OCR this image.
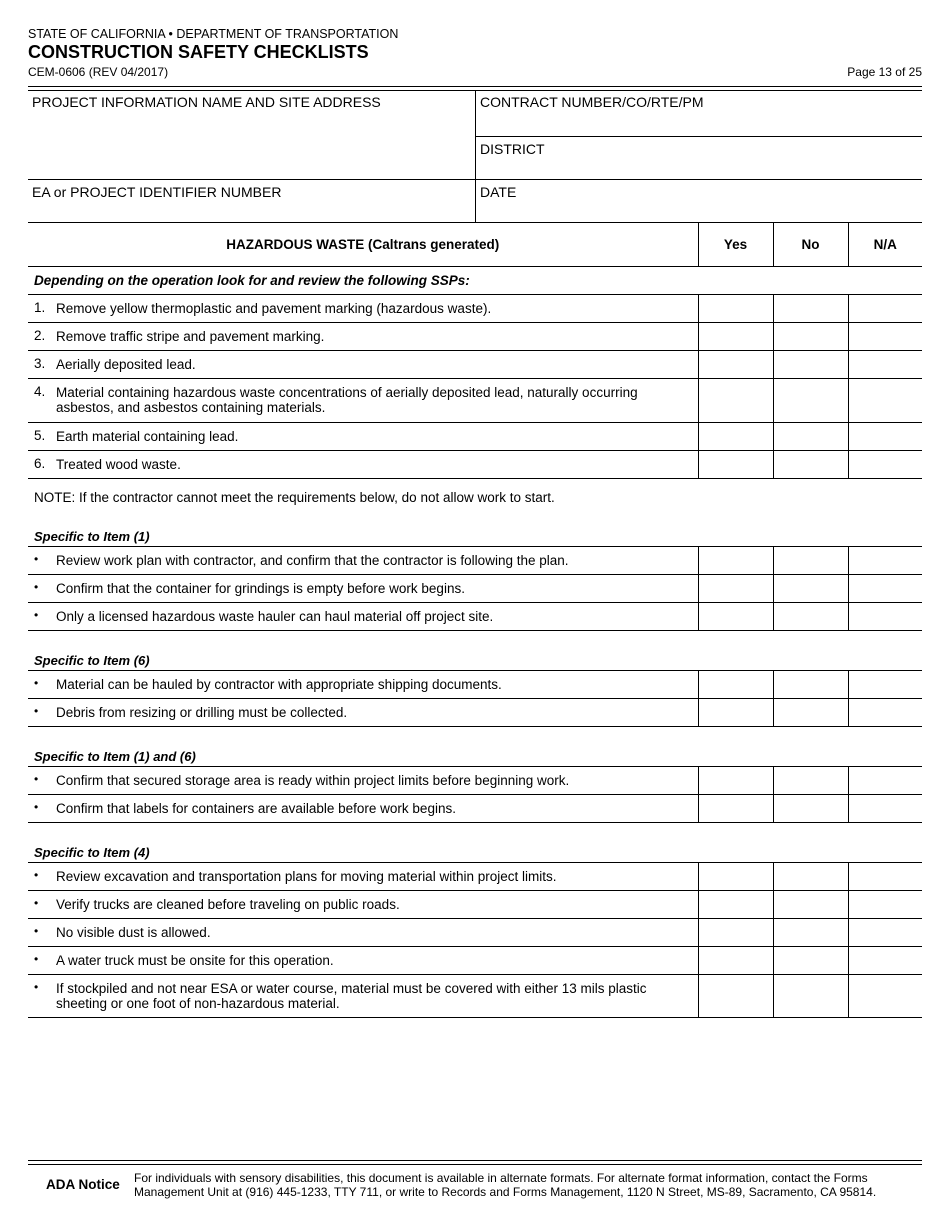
STATE OF CALIFORNIA • DEPARTMENT OF TRANSPORTATION
CONSTRUCTION SAFETY CHECKLISTS
CEM-0606 (REV 04/2017)	Page 13 of 25
PROJECT INFORMATION NAME AND SITE ADDRESS	CONTRACT NUMBER/CO/RTE/PM
DISTRICT
EA or PROJECT IDENTIFIER NUMBER	DATE
HAZARDOUS WASTE (Caltrans generated)		Yes	No	N/A
Depending on the operation look for and review the following SSPs:				
1.	Remove yellow thermoplastic and pavement marking (hazardous waste).			
2.	Remove traffic stripe and pavement marking.			
3.	Aerially deposited lead.			
4.	Material containing hazardous waste concentrations of aerially deposited lead, naturally occurring asbestos, and asbestos containing materials.			
5.	Earth material containing lead.			
6.	Treated wood waste.			
NOTE: If the contractor cannot meet the requirements below, do not allow work to start.
Specific to Item (1)
•	Review work plan with contractor, and confirm that the contractor is following the plan.			
•	Confirm that the container for grindings is empty before work begins.			
•	Only a licensed hazardous waste hauler can haul material off project site.			
Specific to Item (6)
•	Material can be hauled by contractor with appropriate shipping documents.			
•	Debris from resizing or drilling must be collected.			
Specific to Item (1) and (6)
•	Confirm that secured storage area is ready within project limits before beginning work.			
•	Confirm that labels for containers are available before work begins.			
Specific to Item (4)
•	Review excavation and transportation plans for moving material within project limits.			
•	Verify trucks are cleaned before traveling on public roads.			
•	No visible dust is allowed.			
•	A water truck must be onsite for this operation.			
•	If stockpiled and not near ESA or water course, material must be covered with either 13 mils plastic sheeting or one foot of non-hazardous material.			
ADA Notice For individuals with sensory disabilities, this document is available in alternate formats. For alternate format information, contact the Forms Management Unit at (916) 445-1233, TTY 711, or write to Records and Forms Management, 1120 N Street, MS-89, Sacramento, CA 95814.
